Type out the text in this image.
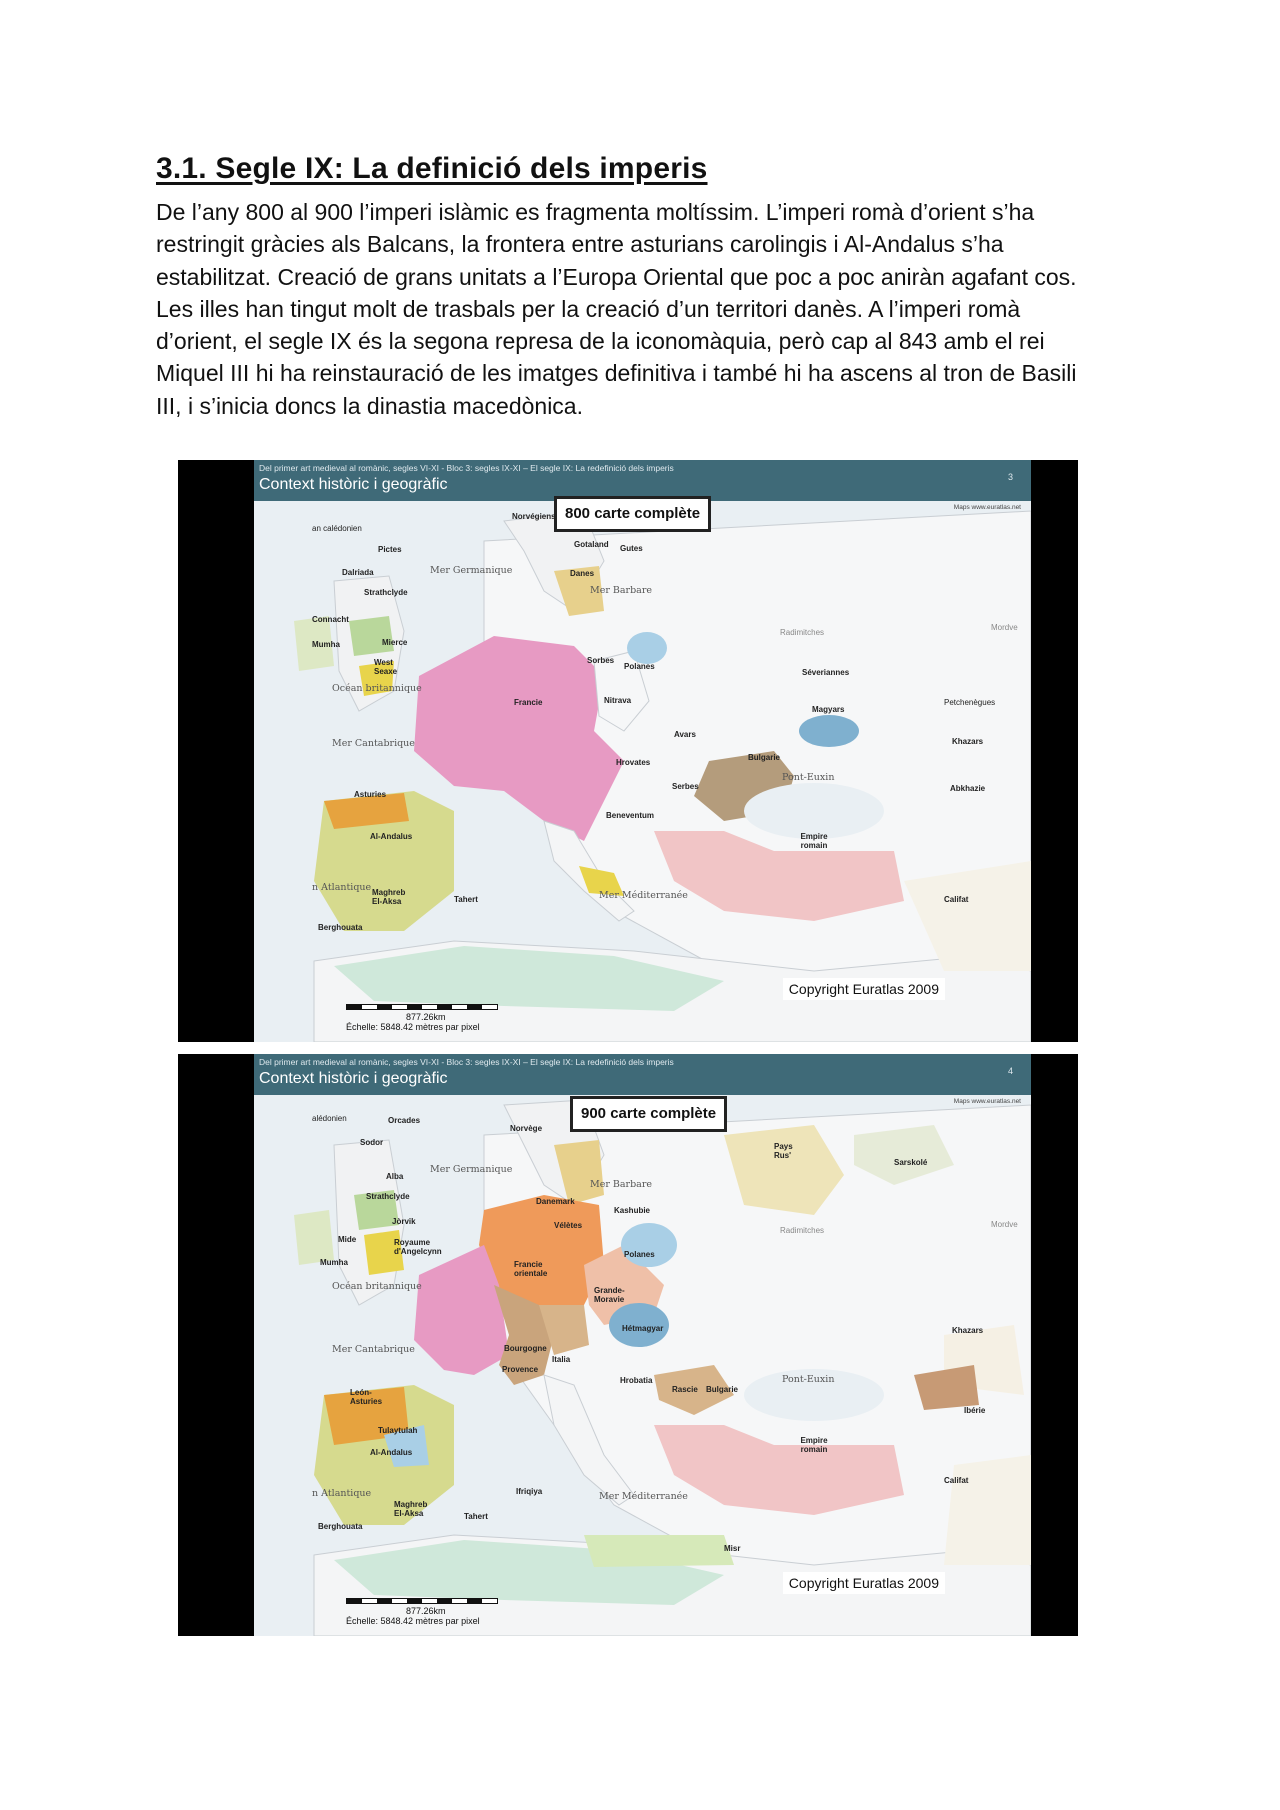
3.1. Segle IX: La definició dels imperis
De l’any 800 al 900 l’imperi islàmic es fragmenta moltíssim. L’imperi romà d’orient s’ha
restringit gràcies als Balcans, la frontera entre asturians carolingis i Al-Andalus s’ha
estabilitzat. Creació de grans unitats a l’Europa Oriental que poc a poc aniràn agafant cos.
Les illes han tingut molt de trasbals per la creació d’un territori danès. A l’imperi romà
d’orient, el segle IX és la segona represa de la iconomàquia, però cap al 843 amb el rei
Miquel III hi ha reinstauració de les imatges definitiva i també hi ha ascens al tron de Basili
III, i s’inicia doncs la dinastia macedònica.
Del primer art medieval al romànic, segles VI-XI - Bloc 3: segles IX-XI – El segle IX: La redefinició dels imperis
3
Context històric i geogràfic
Maps www.euratlas.net
800 carte complète
an calédonien
Pictes
Dalriada
Strathclyde
Connacht
Mumha	Mierce
West Seaxe
Norvégiens
Gotaland Gutes
Danes
Mer Germanique
Mer Barbare
Océan britannique
Francie
Sorbes
Polanes
Séveriannes
Magyars
Petchenègues
Nitrava
Avars
Bulgarie
Khazars
Mer Cantabrique
Hrovates
Serbes
Pont-Euxin
Abkhazie
Asturies
Beneventum
Al-Andalus	Empire romain
n Atlantique Maghreb El-Aksa	Tahert	Mer Méditerranée	Califat
Berghouata
Radimitches
Mordve
Copyright Euratlas 2009
877.26km
Échelle: 5848.42 mètres par pixel
Del primer art medieval al romànic, segles VI-XI - Bloc 3: segles IX-XI – El segle IX: La redefinició dels imperis
4
Context històric i geogràfic
Maps www.euratlas.net
900 carte complète
alédonien	Orcades
Norvège
Sodor
Alba
Strathclyde
Jòrvik
Mide
Mumha
Royaume d'Angelcynn
Mer Germanique
Mer Barbare
Danemark
Vélètes
Kashubie
Pays Rus'
Sarskolé
Polanes
Francie orientale
Océan britannique	Grande-Moravie
Hétmagyar	Khazars
Bourgogne
Provence
Italia
Mer Cantabrique
Hrobatia
Rascie Bulgarie
Pont-Euxin
Ibérie
León-Asturies
Tulaytulah
Al-Andalus
Empire romain
n Atlantique	Ifriqiya	Mer Méditerranée
Califat
Maghreb El-Aksa	Tahert
Misr
Berghouata
Radimitches
Mordve
Copyright Euratlas 2009
877.26km
Échelle: 5848.42 mètres par pixel
